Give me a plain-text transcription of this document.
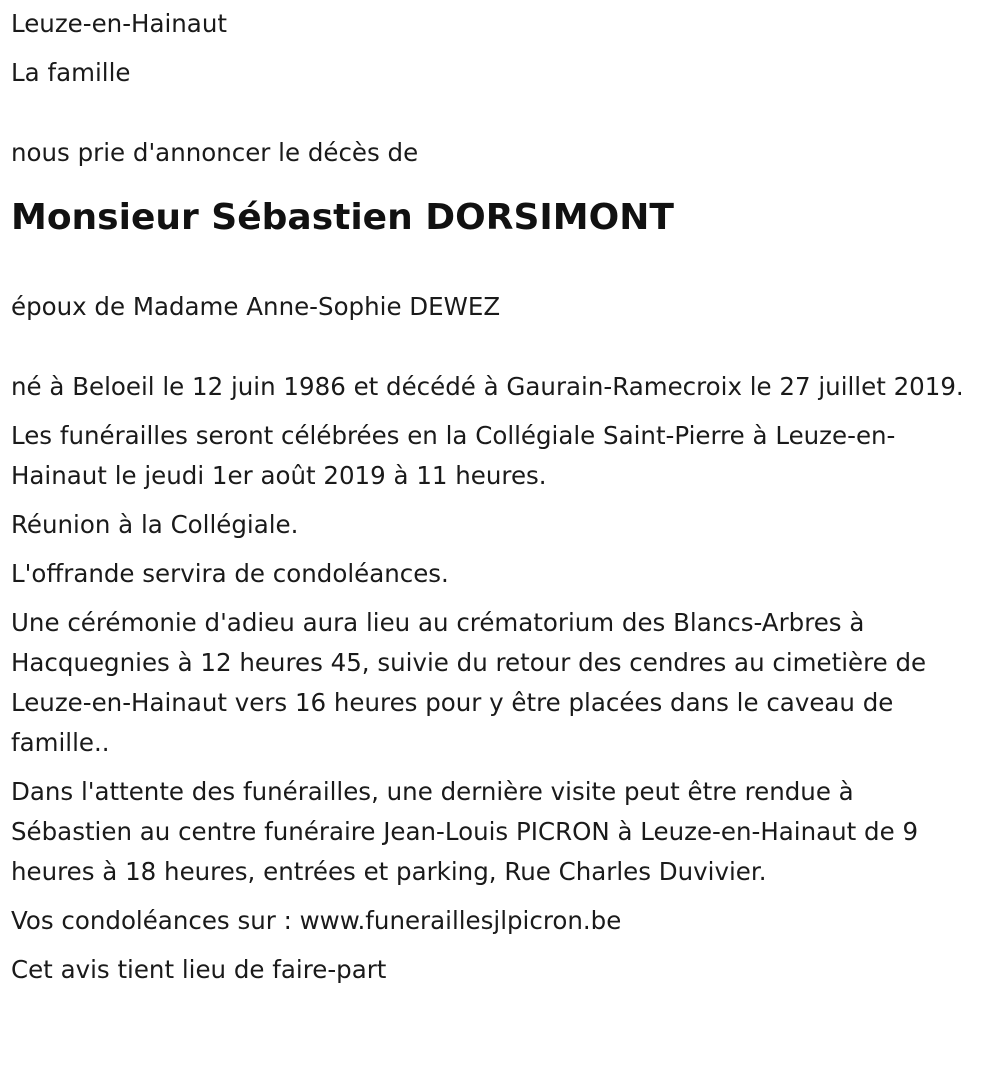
Leuze-en-Hainaut

La famille

nous prie d'annoncer le décès de

Monsieur Sébastien DORSIMONT

époux de Madame Anne-Sophie DEWEZ

né à Beloeil le 12 juin 1986 et décédé à Gaurain-Ramecroix le 27 juillet 2019.

Les funérailles seront célébrées en la Collégiale Saint-Pierre à Leuze-en-Hainaut le jeudi 1er août 2019 à 11 heures.

Réunion à la Collégiale.

L'offrande servira de condoléances.

Une cérémonie d'adieu aura lieu au crématorium des Blancs-Arbres à Hacquegnies à 12 heures 45, suivie du retour des cendres au cimetière de Leuze-en-Hainaut vers 16 heures pour y être placées dans le caveau de famille..

Dans l'attente des funérailles, une dernière visite peut être rendue à Sébastien au centre funéraire Jean-Louis PICRON à Leuze-en-Hainaut de 9 heures à 18 heures, entrées et parking, Rue Charles Duvivier.

Vos condoléances sur : www.funeraillesjlpicron.be

Cet avis tient lieu de faire-part
